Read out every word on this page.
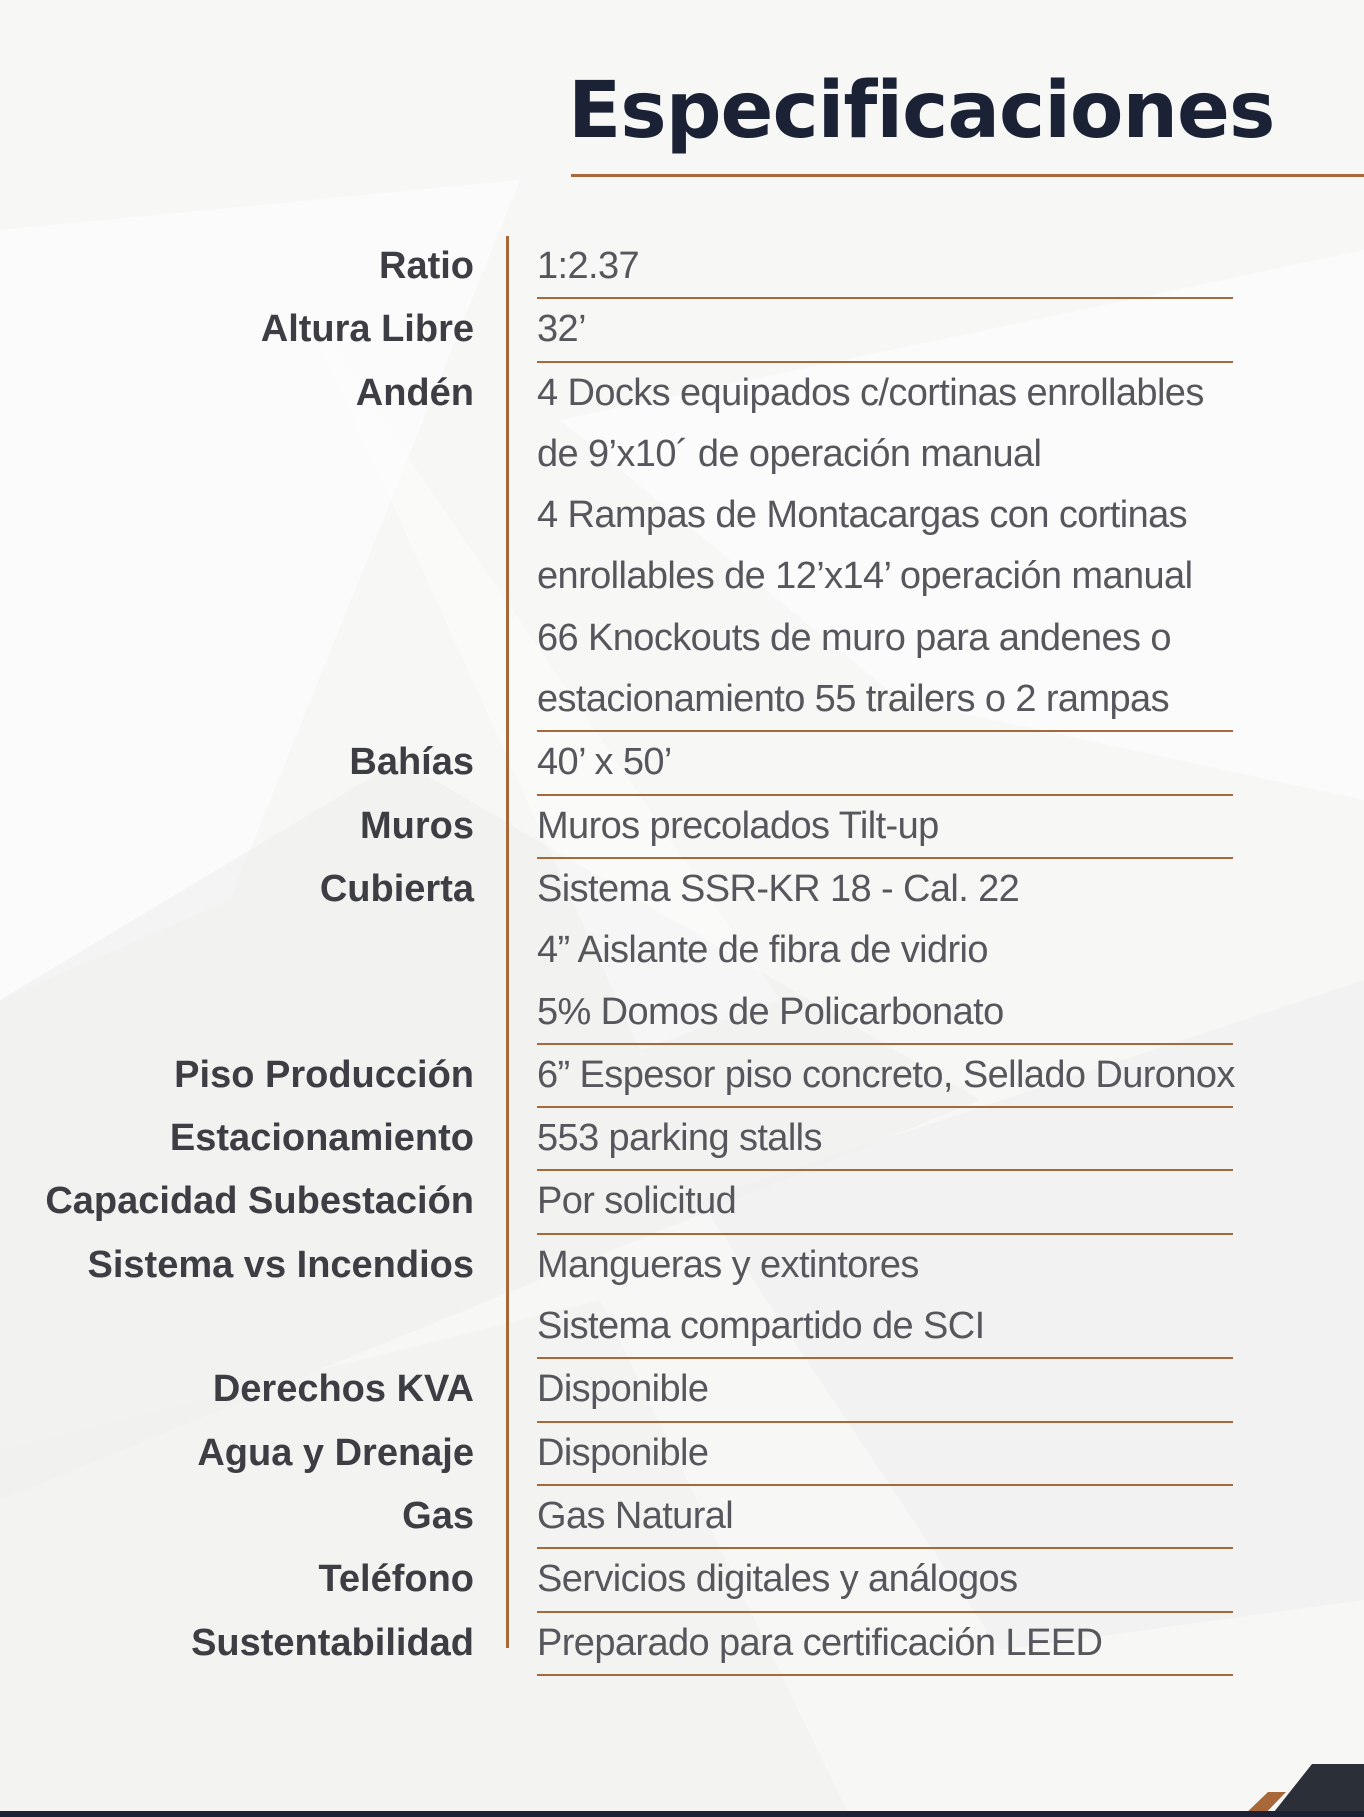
Especificaciones
Ratio 1:2.37
Altura Libre 32’
Andén 4 Docks equipados c/cortinas enrollables
de 9’x10´ de operación manual
4 Rampas de Montacargas con cortinas
enrollables de 12’x14’ operación manual
66 Knockouts de muro para andenes o
estacionamiento 55 trailers o 2 rampas
Bahías 40’ x 50’
Muros Muros precolados Tilt-up
Cubierta Sistema SSR-KR 18 - Cal. 22
4” Aislante de fibra de vidrio
5% Domos de Policarbonato
Piso Producción 6” Espesor piso concreto, Sellado Duronox
Estacionamiento 553 parking stalls
Capacidad Subestación Por solicitud
Sistema vs Incendios Mangueras y extintores
Sistema compartido de SCI
Derechos KVA Disponible
Agua y Drenaje Disponible
Gas Gas Natural
Teléfono Servicios digitales y análogos
Sustentabilidad Preparado para certificación LEED
